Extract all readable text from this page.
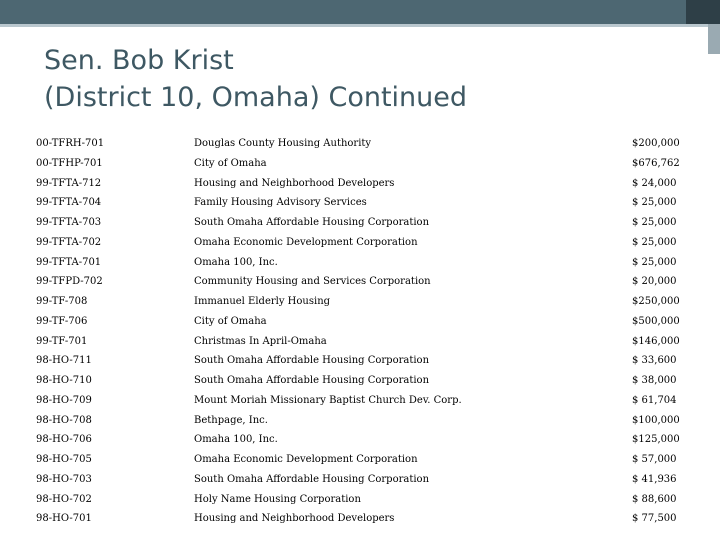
Sen. Bob Krist
(District 10, Omaha) Continued
00-TFRH-701	Douglas County Housing Authority	$200,000
00-TFHP-701	City of Omaha	$676,762
99-TFTA-712	Housing and Neighborhood Developers	$ 24,000
99-TFTA-704	Family Housing Advisory Services	$ 25,000
99-TFTA-703	South Omaha Affordable Housing Corporation	$ 25,000
99-TFTA-702	Omaha Economic Development Corporation	$ 25,000
99-TFTA-701	Omaha 100, Inc.	$ 25,000
99-TFPD-702	Community Housing and Services Corporation	$ 20,000
99-TF-708	Immanuel Elderly Housing	$250,000
99-TF-706	City of Omaha	$500,000
99-TF-701	Christmas In April-Omaha	$146,000
98-HO-711	South Omaha Affordable Housing Corporation	$ 33,600
98-HO-710	South Omaha Affordable Housing Corporation	$ 38,000
98-HO-709	Mount Moriah Missionary Baptist Church Dev. Corp.	$ 61,704
98-HO-708	Bethpage, Inc.	$100,000
98-HO-706	Omaha 100, Inc.	$125,000
98-HO-705	Omaha Economic Development Corporation	$ 57,000
98-HO-703	South Omaha Affordable Housing Corporation	$ 41,936
98-HO-702	Holy Name Housing Corporation	$ 88,600
98-HO-701	Housing and Neighborhood Developers	$ 77,500
